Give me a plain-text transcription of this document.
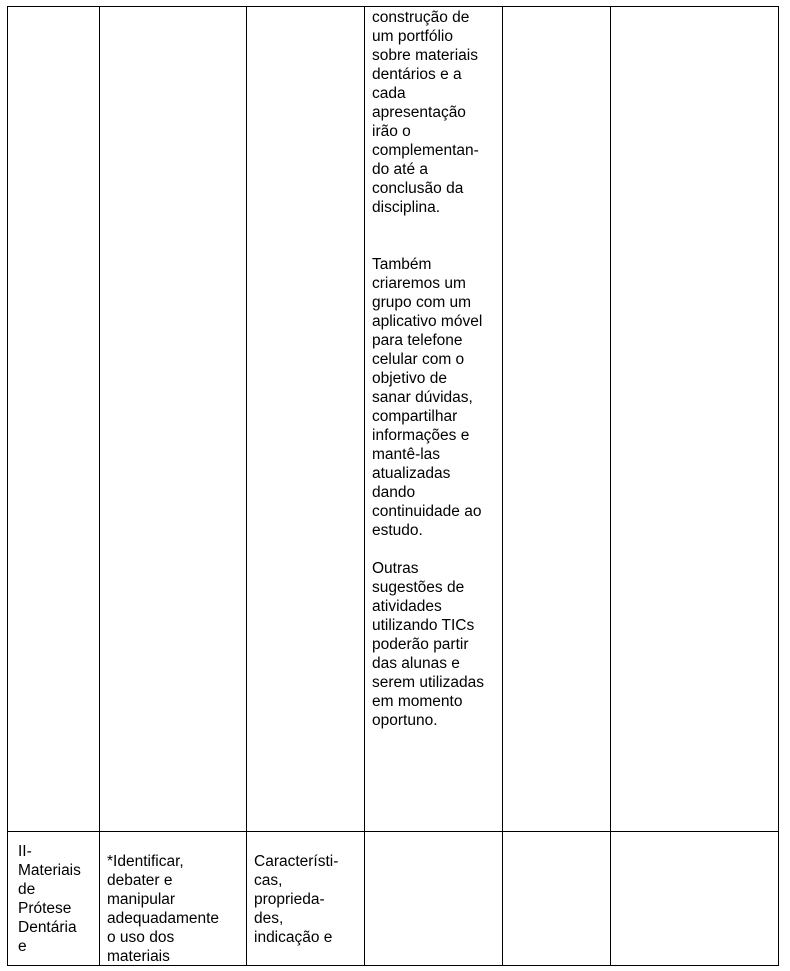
construção de
um portfólio
sobre materiais
dentários e a
cada
apresentação
irão o
complementan-
do até a
conclusão da
disciplina.

Também
criaremos um
grupo com um
aplicativo móvel
para telefone
celular com o
objetivo de
sanar dúvidas,
compartilhar
informações e
mantê-las
atualizadas
dando
continuidade ao
estudo.

Outras
sugestões de
atividades
utilizando TICs
poderão partir
das alunas e
serem utilizadas
em momento
oportuno.
II-
Materiais
de
Prótese
Dentária
e
*Identificar,
debater e
manipular
adequadamente
o uso dos
materiais
Característi-
cas,
proprieda-
des,
indicação e
